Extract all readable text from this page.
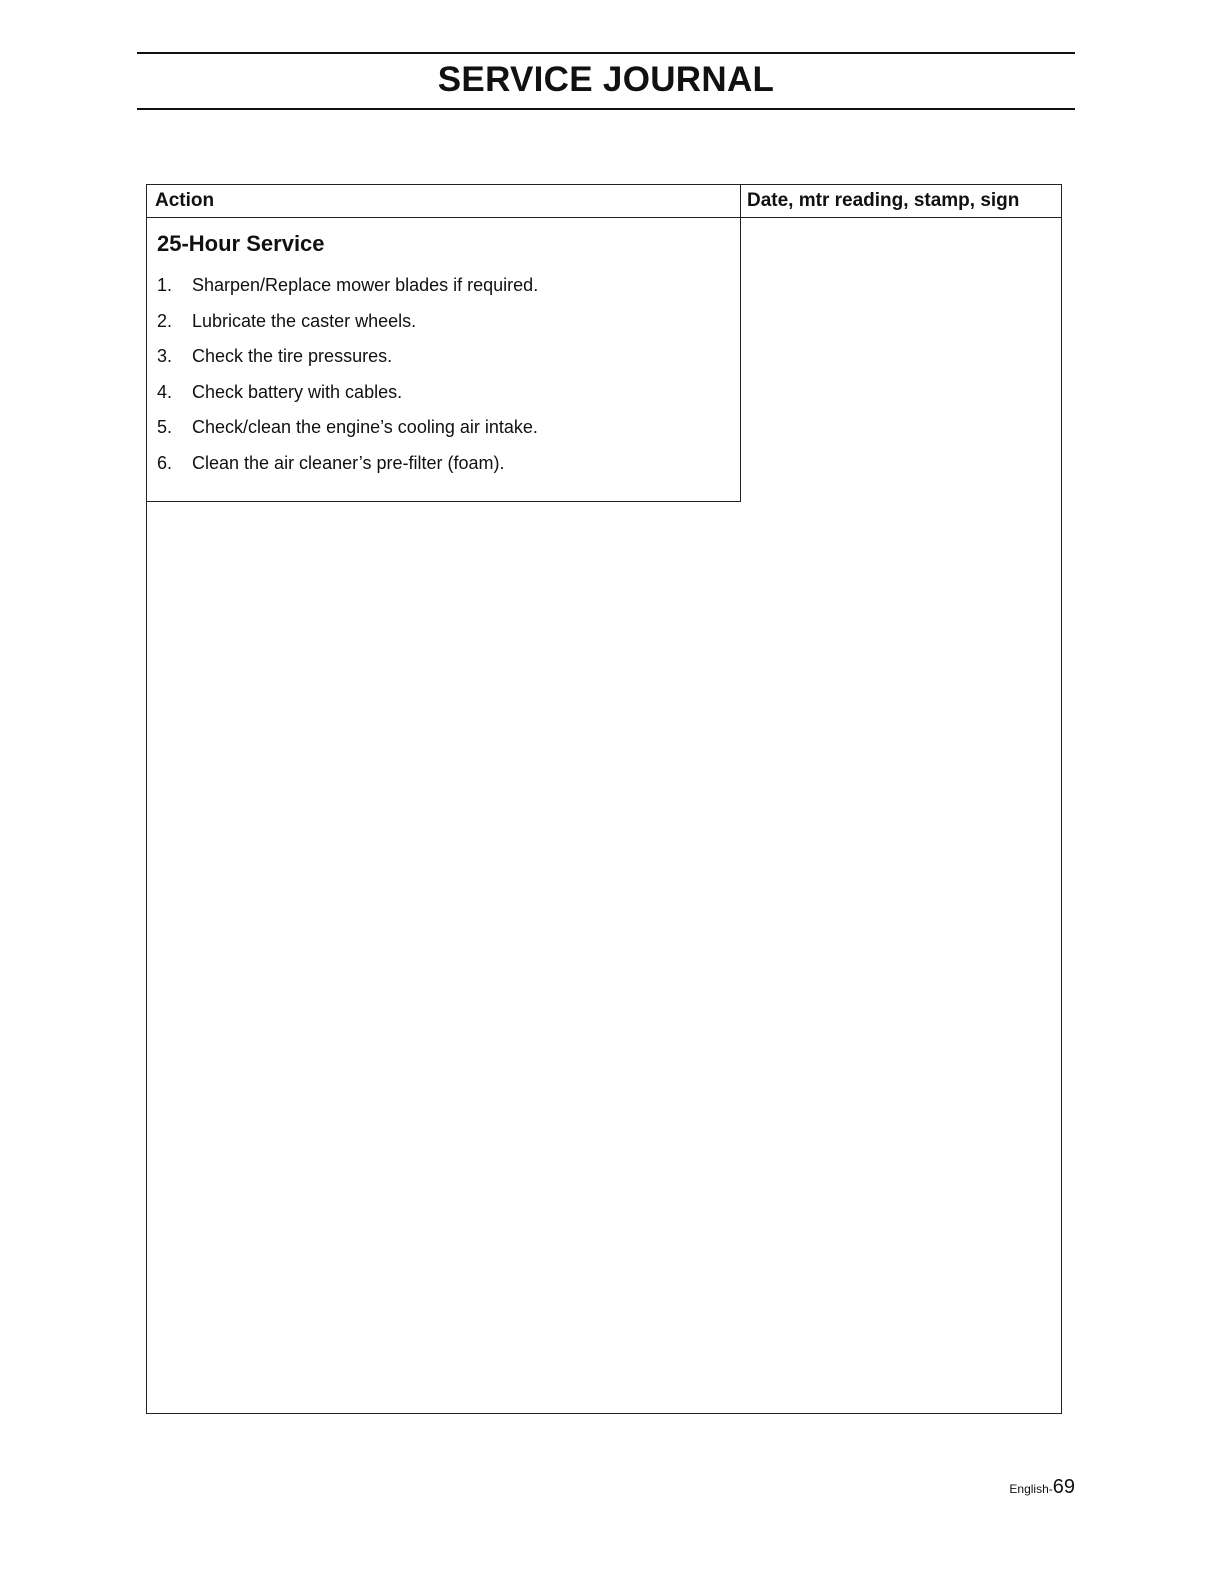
SERVICE JOURNAL
Action	Date, mtr reading, stamp, sign
25-Hour Service
1.	Sharpen/Replace mower blades if required.
2.	Lubricate the caster wheels.
3.	Check the tire pressures.
4.	Check battery with cables.
5.	Check/clean the engine’s cooling air intake.
6.	Clean the air cleaner’s pre-filter (foam).
English-69
